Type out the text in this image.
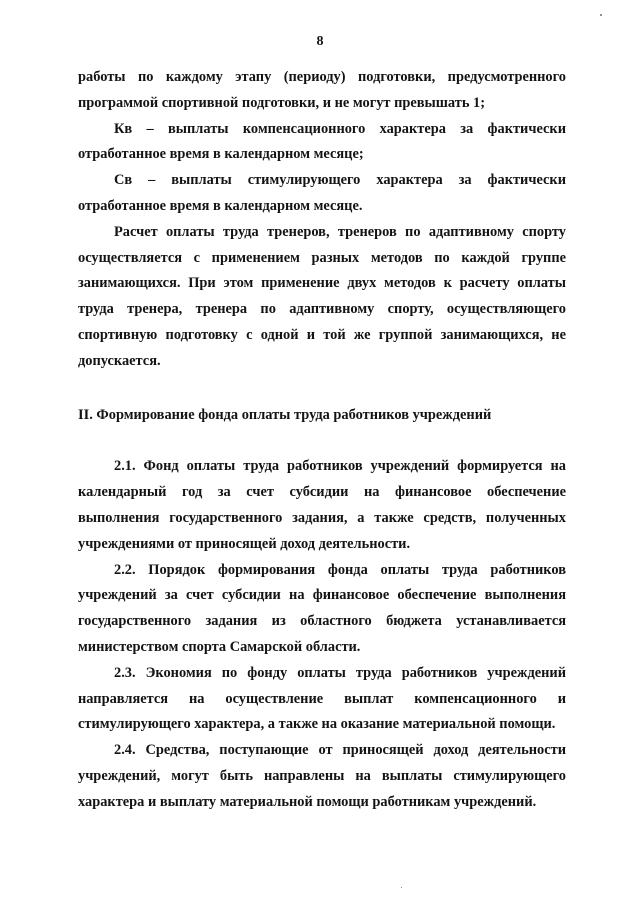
8

работы по каждому этапу (периоду) подготовки, предусмотренного программой спортивной подготовки, и не могут превышать 1;

Кв – выплаты компенсационного характера за фактически отработанное время в календарном месяце;

Св – выплаты стимулирующего характера за фактически отработанное время в календарном месяце.

Расчет оплаты труда тренеров, тренеров по адаптивному спорту осуществляется с применением разных методов по каждой группе занимающихся. При этом применение двух методов к расчету оплаты труда тренера, тренера по адаптивному спорту, осуществляющего спортивную подготовку с одной и той же группой занимающихся, не допускается.

II. Формирование фонда оплаты труда работников учреждений

2.1. Фонд оплаты труда работников учреждений формируется на календарный год за счет субсидии на финансовое обеспечение выполнения государственного задания, а также средств, полученных учреждениями от приносящей доход деятельности.

2.2. Порядок формирования фонда оплаты труда работников учреждений за счет субсидии на финансовое обеспечение выполнения государственного задания из областного бюджета устанавливается министерством спорта Самарской области.

2.3. Экономия по фонду оплаты труда работников учреждений направляется на осуществление выплат компенсационного и стимулирующего характера, а также на оказание материальной помощи.

2.4. Средства, поступающие от приносящей доход деятельности учреждений, могут быть направлены на выплаты стимулирующего характера и выплату материальной помощи работникам учреждений.
